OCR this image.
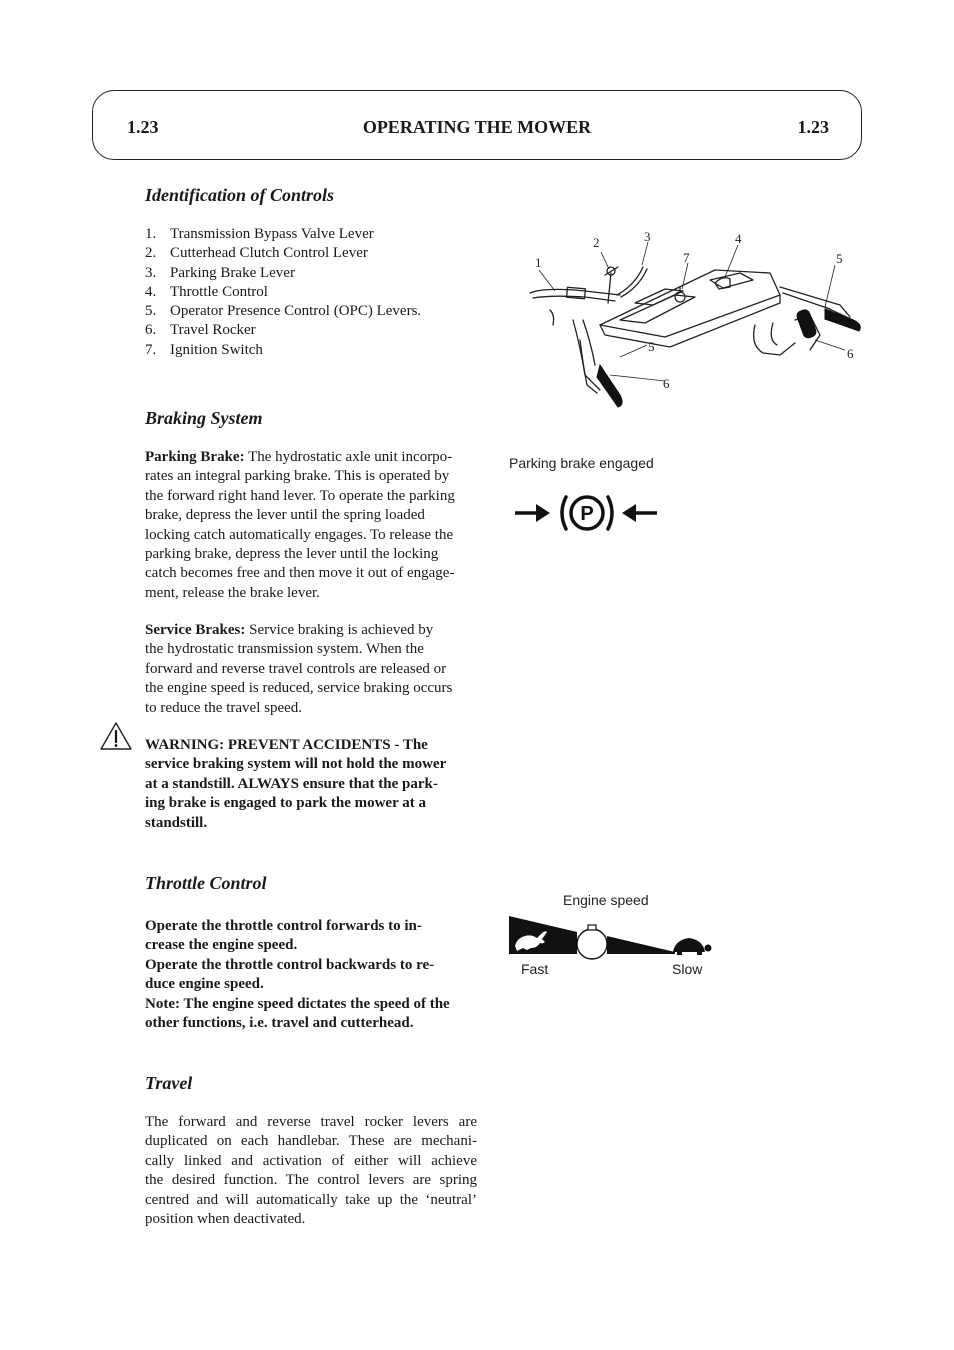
1.23	OPERATING THE MOWER	1.23
Identification of Controls
1. Transmission Bypass Valve Lever
2. Cutterhead Clutch Control Lever
3. Parking Brake Lever
4. Throttle Control
5. Operator Presence Control (OPC) Levers.
6. Travel Rocker
7. Ignition Switch
1
2	3	4
7	5
6
5
6
Braking System

Parking Brake: The hydrostatic axle unit incorpo-
rates an integral parking brake. This is operated by
the forward right hand lever. To operate the parking
brake, depress the lever until the spring loaded
locking catch automatically engages. To release the
parking brake, depress the lever until the locking
catch becomes free and then move it out of engage-
ment, release the brake lever.

Service Brakes: Service braking is achieved by
the hydrostatic transmission system. When the
forward and reverse travel controls are released or
the engine speed is reduced, service braking occurs
to reduce the travel speed.

WARNING: PREVENT ACCIDENTS - The
service braking system will not hold the mower
at a standstill. ALWAYS ensure that the park-
ing brake is engaged to park the mower at a
standstill.

Parking brake engaged
P
Throttle Control

Operate the throttle control forwards to in-
crease the engine speed.
Operate the throttle control backwards to re-
duce engine speed.
Note: The engine speed dictates the speed of the
other functions, i.e. travel and cutterhead.

Engine speed
Fast	Slow
Travel
The forward and reverse travel rocker levers are
duplicated on each handlebar. These are mechani-
cally linked and activation of either will achieve
the desired function. The control levers are spring
centred and will automatically take up the ‘neutral’
position when deactivated.
